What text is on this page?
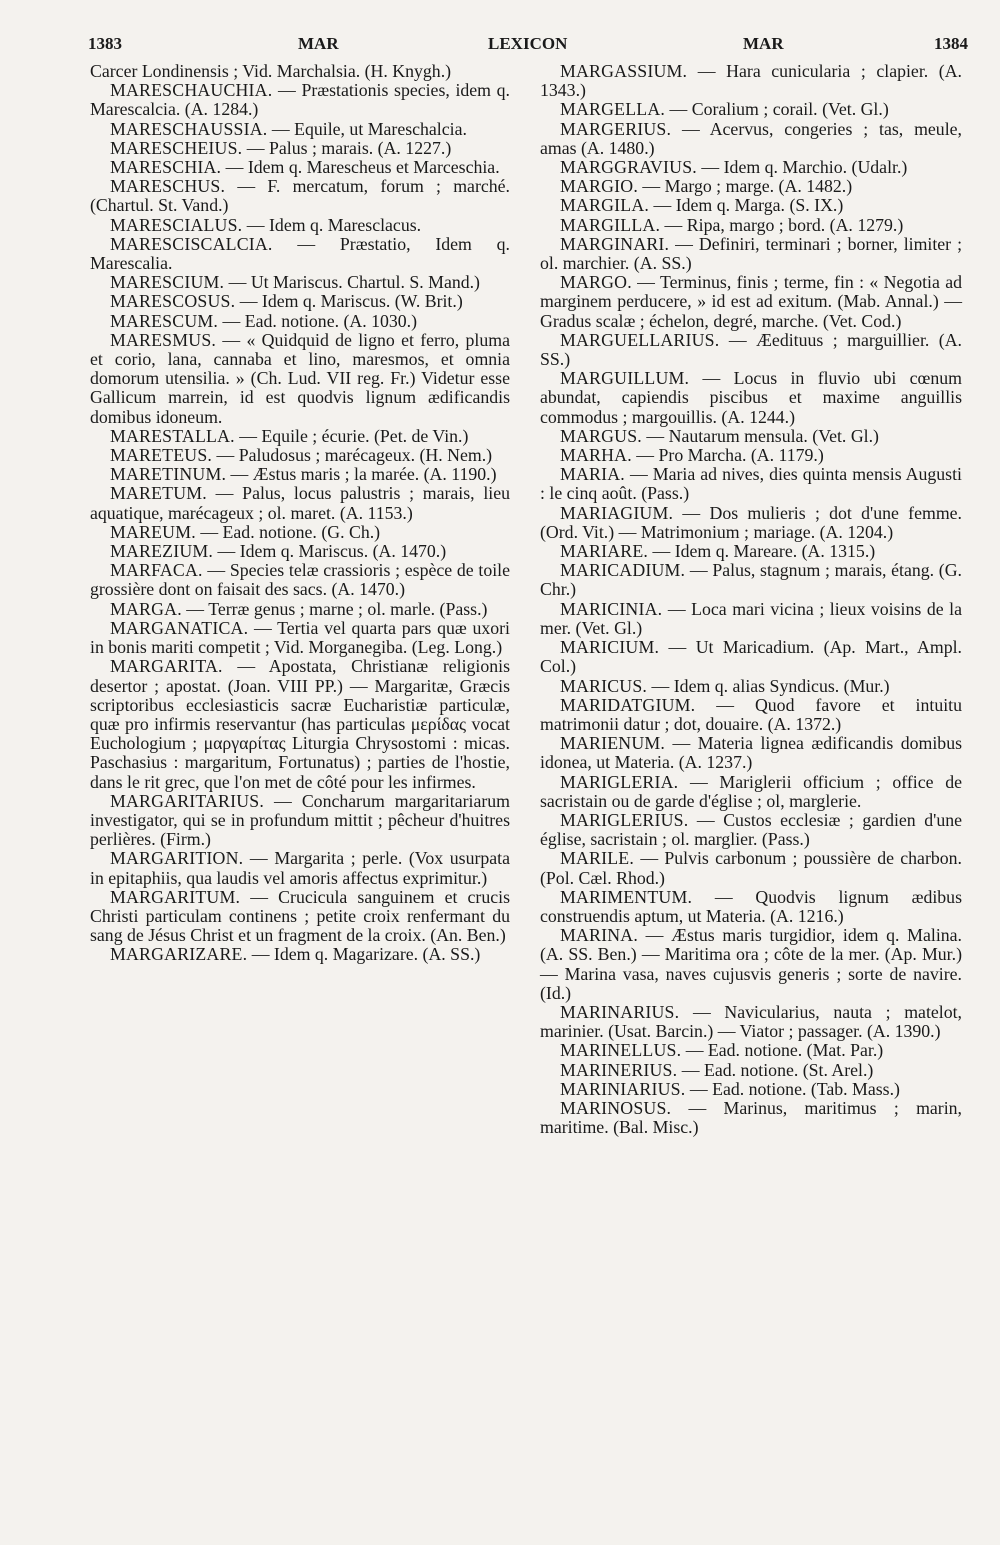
1383	MAR	LEXICON	MAR	1384

Carcer Londinensis ; Vid. Marchalsia. (H. Knygh.)

MARESCHAUCHIA. — Præstationis species, idem q. Marescalcia. (A. 1284.)

MARESCHAUSSIA. — Equile, ut Mareschalcia.

MARESCHEIUS. — Palus ; marais. (A. 1227.)

MARESCHIA. — Idem q. Marescheus et Marceschia.

MARESCHUS. — F. mercatum, forum ; marché. (Chartul. St. Vand.)

MARESCIALUS. — Idem q. Maresclacus.

MARESCISCALCIA. — Præstatio, Idem q. Marescalia.

MARESCIUM. — Ut Mariscus. Chartul. S. Mand.)

MARESCOSUS. — Idem q. Mariscus. (W. Brit.)

MARESCUM. — Ead. notione. (A. 1030.)

MARESMUS. — « Quidquid de ligno et ferro, pluma et corio, lana, cannaba et lino, maresmos, et omnia domorum utensilia. » (Ch. Lud. VII reg. Fr.) Videtur esse Gallicum marrein, id est quodvis lignum ædificandis domibus idoneum.

MARESTALLA. — Equile ; écurie. (Pet. de Vin.)

MARETEUS. — Paludosus ; marécageux. (H. Nem.)

MARETINUM. — Æstus maris ; la marée. (A. 1190.)

MARETUM. — Palus, locus palustris ; marais, lieu aquatique, marécageux ; ol. maret. (A. 1153.)

MAREUM. — Ead. notione. (G. Ch.)

MAREZIUM. — Idem q. Mariscus. (A. 1470.)

MARFACA. — Species telæ crassioris ; espèce de toile grossière dont on faisait des sacs. (A. 1470.)

MARGA. — Terræ genus ; marne ; ol. marle. (Pass.)

MARGANATICA. — Tertia vel quarta pars quæ uxori in bonis mariti competit ; Vid. Morganegiba. (Leg. Long.)

MARGARITA. — Apostata, Christianæ religionis desertor ; apostat. (Joan. VIII PP.) — Margaritæ, Græcis scriptoribus ecclesiasticis sacræ Eucharistiæ particulæ, quæ pro infirmis reservantur (has particulas μερίδας vocat Euchologium ; μαργαρίτας Liturgia Chrysostomi : micas. Paschasius : margaritum, Fortunatus) ; parties de l'hostie, dans le rit grec, que l'on met de côté pour les infirmes.

MARGARITARIUS. — Concharum margaritariarum investigator, qui se in profundum mittit ; pêcheur d'huitres perlières. (Firm.)

MARGARITION. — Margarita ; perle. (Vox usurpata in epitaphiis, qua laudis vel amoris affectus exprimitur.)

MARGARITUM. — Crucicula sanguinem et crucis Christi particulam continens ; petite croix renfermant du sang de Jésus Christ et un fragment de la croix. (An. Ben.)

MARGARIZARE. — Idem q. Magarizare. (A. SS.)

MARGASSIUM. — Hara cuniculariа ; clapier. (A. 1343.)

MARGELLA. — Coralium ; corail. (Vet. Gl.)

MARGERIUS. — Acervus, congeries ; tas, meule, amas (A. 1480.)

MARGGRAVIUS. — Idem q. Marchio. (Udalr.)

MARGIO. — Margo ; marge. (A. 1482.)

MARGILA. — Idem q. Marga. (S. IX.)

MARGILLA. — Ripa, margo ; bord. (A. 1279.)

MARGINARI. — Definiri, terminari ; borner, limiter ; ol. marchier. (A. SS.)

MARGO. — Terminus, finis ; terme, fin : « Negotia ad marginem perducere, » id est ad exitum. (Mab. Annal.) — Gradus scalæ ; échelon, degré, marche. (Vet. Cod.)

MARGUELLARIUS. — Æedituus ; marguillier. (A. SS.)

MARGUILLUM. — Locus in fluvio ubi cœnum abundat, capiendis piscibus et maxime anguillis commodus ; margouillis. (A. 1244.)

MARGUS. — Nautarum mensula. (Vet. Gl.)

MARHA. — Pro Marcha. (A. 1179.)

MARIA. — Maria ad nives, dies quinta mensis Augusti : le cinq août. (Pass.)

MARIAGIUM. — Dos mulieris ; dot d'une femme. (Ord. Vit.) — Matrimonium ; mariage. (A. 1204.)

MARIARE. — Idem q. Mareare. (A. 1315.)

MARICADIUM. — Palus, stagnum ; marais, étang. (G. Chr.)

MARICINIA. — Loca mari vicina ; lieux voisins de la mer. (Vet. Gl.)

MARICIUM. — Ut Maricadium. (Ap. Mart., Ampl. Col.)

MARICUS. — Idem q. alias Syndicus. (Mur.)

MARIDATGIUM. — Quod favore et intuitu matrimonii datur ; dot, douaire. (A. 1372.)

MARIENUM. — Materia lignea ædificandis domibus idonea, ut Materia. (A. 1237.)

MARIGLERIA. — Mariglerii officium ; office de sacristain ou de garde d'église ; ol, marglerie.

MARIGLERIUS. — Custos ecclesiæ ; gardien d'une église, sacristain ; ol. marglier. (Pass.)

MARILE. — Pulvis carbonum ; poussière de charbon. (Pol. Cæl. Rhod.)

MARIMENTUM. — Quodvis lignum ædibus construendis aptum, ut Materia. (A. 1216.)

MARINA. — Æstus maris turgidior, idem q. Malina. (A. SS. Ben.) — Maritima ora ; côte de la mer. (Ap. Mur.) — Marina vasa, naves cujusvis generis ; sorte de navire. (Id.)

MARINARIUS. — Navicularius, nauta ; matelot, marinier. (Usat. Barcin.) — Viator ; passager. (A. 1390.)

MARINELLUS. — Ead. notione. (Mat. Par.)

MARINERIUS. — Ead. notione. (St. Arel.)

MARINIARIUS. — Ead. notione. (Tab. Mass.)

MARINOSUS. — Marinus, maritimus ; marin, maritime. (Bal. Misc.)
